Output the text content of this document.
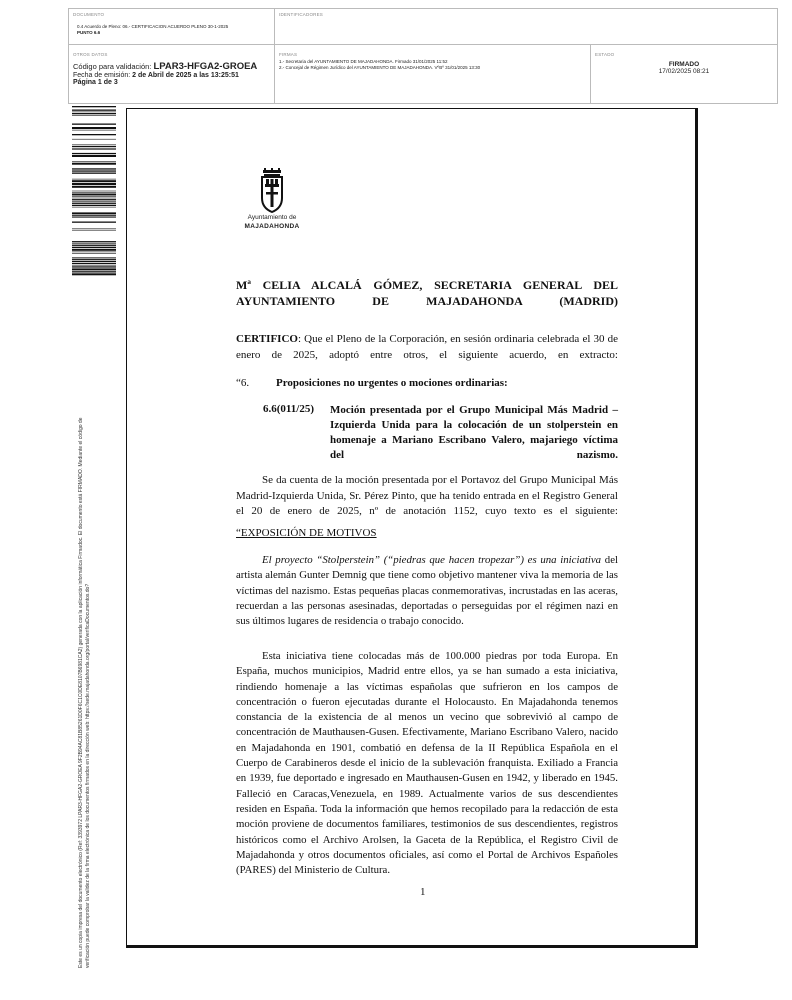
DOCUMENTO
0.4 Acuerdo de Pleno: 06.- CERTIFICACION ACUERDO PLENO 30-1-2025
PUNTO 6.6
IDENTIFICADORES
OTROS DATOS
Código para validación: LPAR3-HFGA2-GROEA
Fecha de emisión: 2 de Abril de 2025 a las 13:25:51
Página 1 de 3
FIRMAS
1.- Secretaria del AYUNTAMIENTO DE MAJADAHONDA. Firmado 31/01/2025 11:52
2.- Concejal de Régimen Jurídico del AYUNTAMIENTO DE MAJADAHONDA. VºBº 31/01/2025 13:30
ESTADO
FIRMADO
17/02/2025 08:21
Este es un copia impresa del documento electrónico (Ref: 3393972 LPAR3-HFGA2-GROEA 9F2B94AC81B85261D0F6C1C0DE8107B6981CA2) generada con la aplicación informática Firmadoc. El documento está FIRMADO. Mediante el código de verificación puede comprobar la validez de la firma electrónica de los documentos firmados en la dirección web: https://sede.majadahonda.org/portal/verificaDocumentos.do?
Ayuntamiento de
MAJADAHONDA
Mª CELIA ALCALÁ GÓMEZ, SECRETARIA GENERAL DEL AYUNTAMIENTO DE MAJADAHONDA (MADRID)
CERTIFICO: Que el Pleno de la Corporación, en sesión ordinaria celebrada el 30 de enero de 2025, adoptó entre otros, el siguiente acuerdo, en extracto:
“6. Proposiciones no urgentes o mociones ordinarias:
6.6(011/25) Moción presentada por el Grupo Municipal Más Madrid – Izquierda Unida para la colocación de un stolperstein en homenaje a Mariano Escribano Valero, majariego víctima del nazismo.
Se da cuenta de la moción presentada por el Portavoz del Grupo Municipal Más Madrid-Izquierda Unida, Sr. Pérez Pinto, que ha tenido entrada en el Registro General el 20 de enero de 2025, nº de anotación 1152, cuyo texto es el siguiente:
“EXPOSICIÓN DE MOTIVOS
El proyecto “Stolperstein” (“piedras que hacen tropezar”) es una iniciativa del artista alemán Gunter Demnig que tiene como objetivo mantener viva la memoria de las víctimas del nazismo. Estas pequeñas placas conmemorativas, incrustadas en las aceras, recuerdan a las personas asesinadas, deportadas o perseguidas por el régimen nazi en sus últimos lugares de residencia o trabajo conocido.
Esta iniciativa tiene colocadas más de 100.000 piedras por toda Europa. En España, muchos municipios, Madrid entre ellos, ya se han sumado a esta iniciativa, rindiendo homenaje a las víctimas españolas que sufrieron en los campos de concentración o fueron ejecutadas durante el Holocausto. En Majadahonda tenemos constancia de la existencia de al menos un vecino que sobrevivió al campo de concentración de Mauthausen-Gusen. Efectivamente, Mariano Escribano Valero, nacido en Majadahonda en 1901, combatió en defensa de la II República Española en el Cuerpo de Carabineros desde el inicio de la sublevación franquista. Exiliado a Francia en 1939, fue deportado e ingresado en Mauthausen-Gusen en 1942, y liberado en 1945. Falleció en Caracas,Venezuela, en 1989. Actualmente varios de sus descendientes residen en España. Toda la información que hemos recopilado para la redacción de esta moción proviene de documentos familiares, testimonios de sus descendientes, registros históricos como el Archivo Arolsen, la Gaceta de la República, el Registro Civil de Majadahonda y otros documentos oficiales, así como el Portal de Archivos Españoles (PARES) del Ministerio de Cultura.
1
